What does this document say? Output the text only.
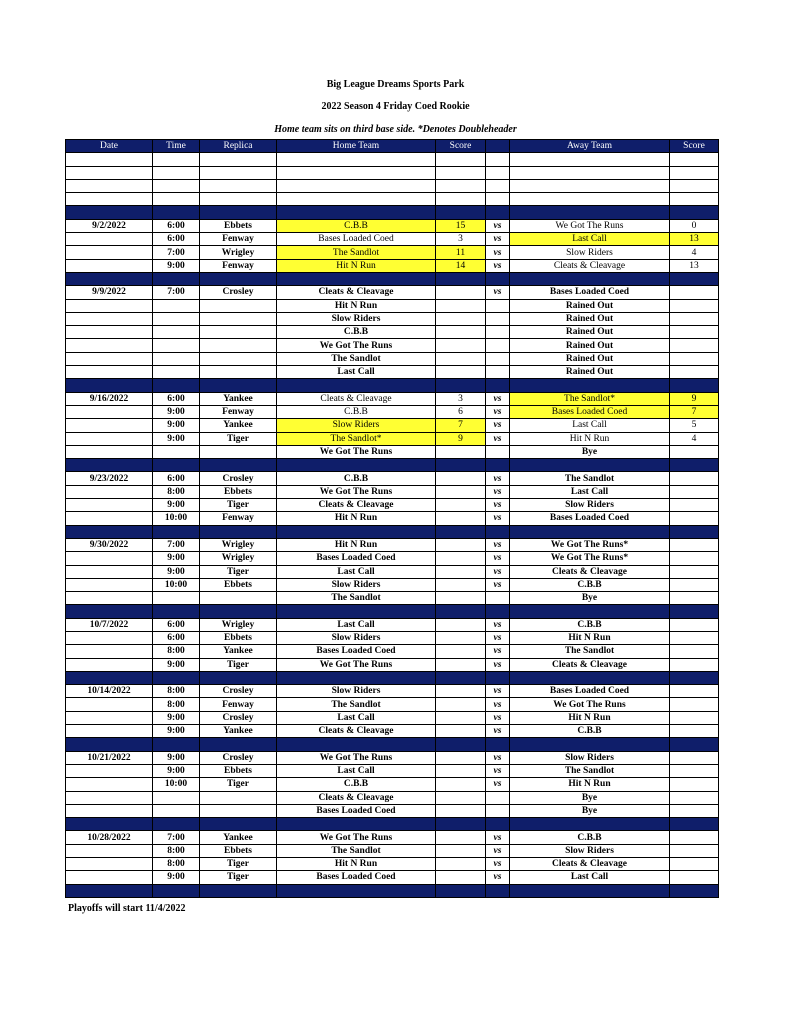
Big League Dreams Sports Park
2022 Season 4 Friday Coed Rookie
Home team sits on third base side. *Denotes Doubleheader
Date	Time	Replica	Home Team	Score		Away Team	Score

9/2/2022	6:00	Ebbets	C.B.B	15	vs	We Got The Runs	0
	6:00	Fenway	Bases Loaded Coed	3	vs	Last Call	13
	7:00	Wrigley	The Sandlot	11	vs	Slow Riders	4
	9:00	Fenway	Hit N Run	14	vs	Cleats & Cleavage	13

9/9/2022	7:00	Crosley	Cleats & Cleavage		vs	Bases Loaded Coed	
			Hit N Run			Rained Out	
			Slow Riders			Rained Out	
			C.B.B			Rained Out	
			We Got The Runs			Rained Out	
			The Sandlot			Rained Out	
			Last Call			Rained Out	

9/16/2022	6:00	Yankee	Cleats & Cleavage	3	vs	The Sandlot*	9
	9:00	Fenway	C.B.B	6	vs	Bases Loaded Coed	7
	9:00	Yankee	Slow Riders	7	vs	Last Call	5
	9:00	Tiger	The Sandlot*	9	vs	Hit N Run	4
			We Got The Runs			Bye	

9/23/2022	6:00	Crosley	C.B.B		vs	The Sandlot	
	8:00	Ebbets	We Got The Runs		vs	Last Call	
	9:00	Tiger	Cleats & Cleavage		vs	Slow Riders	
	10:00	Fenway	Hit N Run		vs	Bases Loaded Coed	

9/30/2022	7:00	Wrigley	Hit N Run		vs	We Got The Runs*	
	9:00	Wrigley	Bases Loaded Coed		vs	We Got The Runs*	
	9:00	Tiger	Last Call		vs	Cleats & Cleavage	
	10:00	Ebbets	Slow Riders		vs	C.B.B	
			The Sandlot			Bye	

10/7/2022	6:00	Wrigley	Last Call		vs	C.B.B	
	6:00	Ebbets	Slow Riders		vs	Hit N Run	
	8:00	Yankee	Bases Loaded Coed		vs	The Sandlot	
	9:00	Tiger	We Got The Runs		vs	Cleats & Cleavage	

10/14/2022	8:00	Crosley	Slow Riders		vs	Bases Loaded Coed	
	8:00	Fenway	The Sandlot		vs	We Got The Runs	
	9:00	Crosley	Last Call		vs	Hit N Run	
	9:00	Yankee	Cleats & Cleavage		vs	C.B.B	

10/21/2022	9:00	Crosley	We Got The Runs		vs	Slow Riders	
	9:00	Ebbets	Last Call		vs	The Sandlot	
	10:00	Tiger	C.B.B		vs	Hit N Run	
			Cleats & Cleavage			Bye	
			Bases Loaded Coed			Bye	

10/28/2022	7:00	Yankee	We Got The Runs		vs	C.B.B	
	8:00	Ebbets	The Sandlot		vs	Slow Riders	
	8:00	Tiger	Hit N Run		vs	Cleats & Cleavage	
	9:00	Tiger	Bases Loaded Coed		vs	Last Call	

Playoffs will start 11/4/2022
